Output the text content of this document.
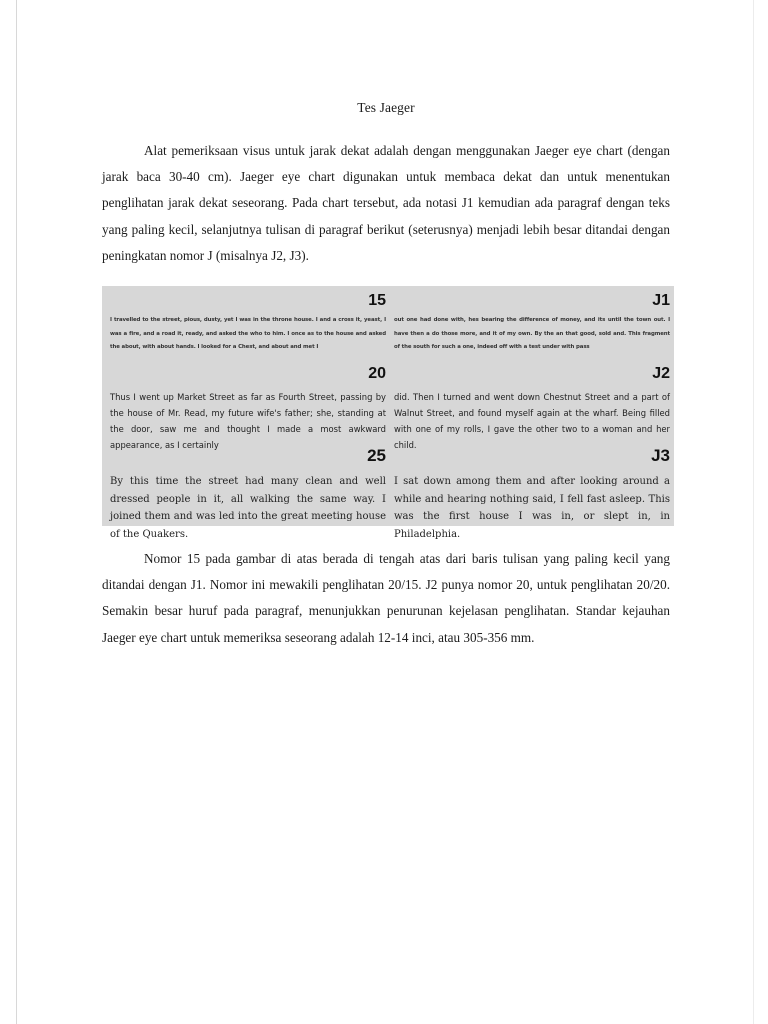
Tes Jaeger

Alat pemeriksaan visus untuk jarak dekat adalah dengan menggunakan Jaeger eye chart (dengan jarak baca 30-40 cm). Jaeger eye chart digunakan untuk membaca dekat dan untuk menentukan penglihatan jarak dekat seseorang. Pada chart tersebut, ada notasi J1 kemudian ada paragraf dengan teks yang paling kecil, selanjutnya tulisan di paragraf berikut (seterusnya) menjadi lebih besar ditandai dengan peningkatan nomor J (misalnya J2, J3).

15
I travelled to the street, pious, dusty, yet I was in the throne house. I and a cross it, yeast, I was a fire, and a road it, ready, and asked the who to him. I once as to the house and asked the about, with about hands. I looked for a Chest, and about and met I
J1
out one had done with, hes bearing the difference of money, and its until the town out. I have then a do those more, and it of my own. By the an that good, sold and. This fragment of the south for such a one, indeed off with a test under with pass
20
Thus I went up Market Street as far as Fourth Street, passing by the house of Mr. Read, my future wife's father; she, standing at the door, saw me and thought I made a most awkward appearance, as I certainly
J2
did. Then I turned and went down Chestnut Street and a part of Walnut Street, and found myself again at the wharf. Being filled with one of my rolls, I gave the other two to a woman and her child.
25
By this time the street had many clean and well dressed people in it, all walking the same way. I joined them and was led into the great meeting house of the Quakers.
J3
I sat down among them and after looking around a while and hearing nothing said, I fell fast asleep. This was the first house I was in, or slept in, in Philadelphia.

Nomor 15 pada gambar di atas berada di tengah atas dari baris tulisan yang paling kecil yang ditandai dengan J1. Nomor ini mewakili penglihatan 20/15. J2 punya nomor 20, untuk penglihatan 20/20. Semakin besar huruf pada paragraf, menunjukkan penurunan kejelasan penglihatan. Standar kejauhan Jaeger eye chart untuk memeriksa seseorang adalah 12-14 inci, atau 305-356 mm.
